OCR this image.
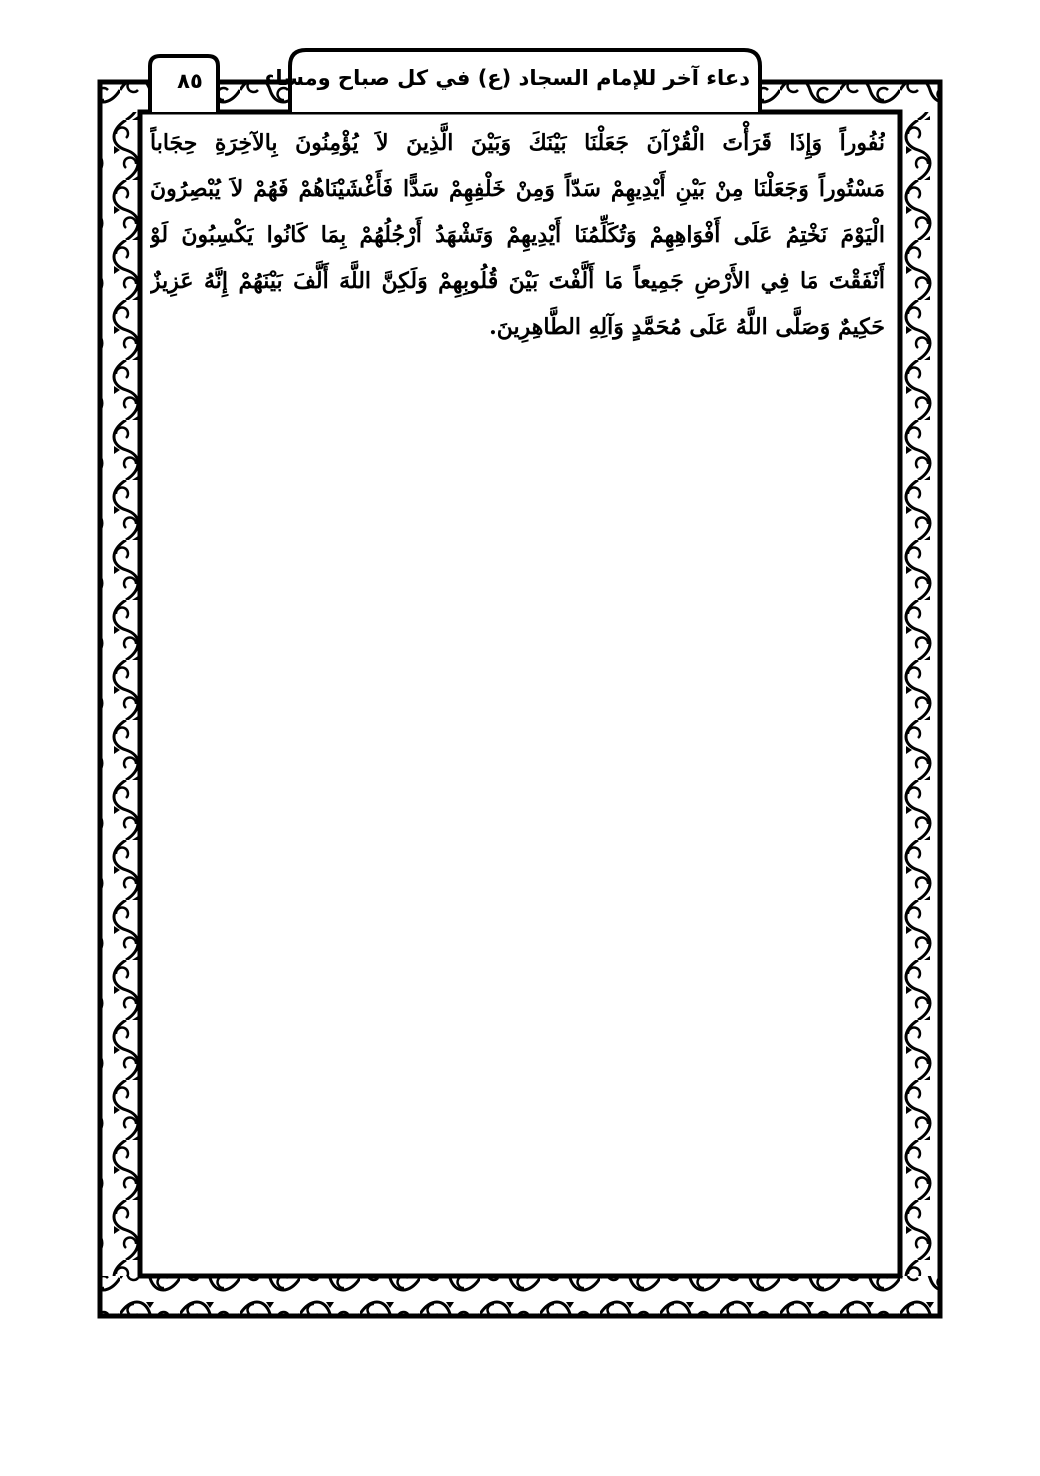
دعاء آخر للإمام السجاد (ع) في كل صباح ومساء
٨٥
نُفُوراً وَإِذَا قَرَأْتَ الْقُرْآنَ جَعَلْنَا بَيْنَكَ وَبَيْنَ الَّذِينَ لاَ يُؤْمِنُونَ بِالآخِرَةِ حِجَاباً
مَسْتُوراً وَجَعَلْنَا مِنْ بَيْنِ أَيْدِيهِمْ سَدّاً وَمِنْ خَلْفِهِمْ سَدًّا فَأَغْشَيْنَاهُمْ فَهُمْ لاَ يُبْصِرُونَ
الْيَوْمَ نَخْتِمُ عَلَى أَفْوَاهِهِمْ وَتُكَلِّمُنَا أَيْدِيهِمْ وَتَشْهَدُ أَرْجُلُهُمْ بِمَا كَانُوا يَكْسِبُونَ لَوْ
أَنْفَقْتَ مَا فِي الأَرْضِ جَمِيعاً مَا أَلَّفْتَ بَيْنَ قُلُوبِهِمْ وَلَكِنَّ اللَّهَ أَلَّفَ بَيْنَهُمْ إِنَّهُ عَزِيزٌ
حَكِيمٌ وَصَلَّى اللَّهُ عَلَى مُحَمَّدٍ وَآلِهِ الطَّاهِرِينَ.
